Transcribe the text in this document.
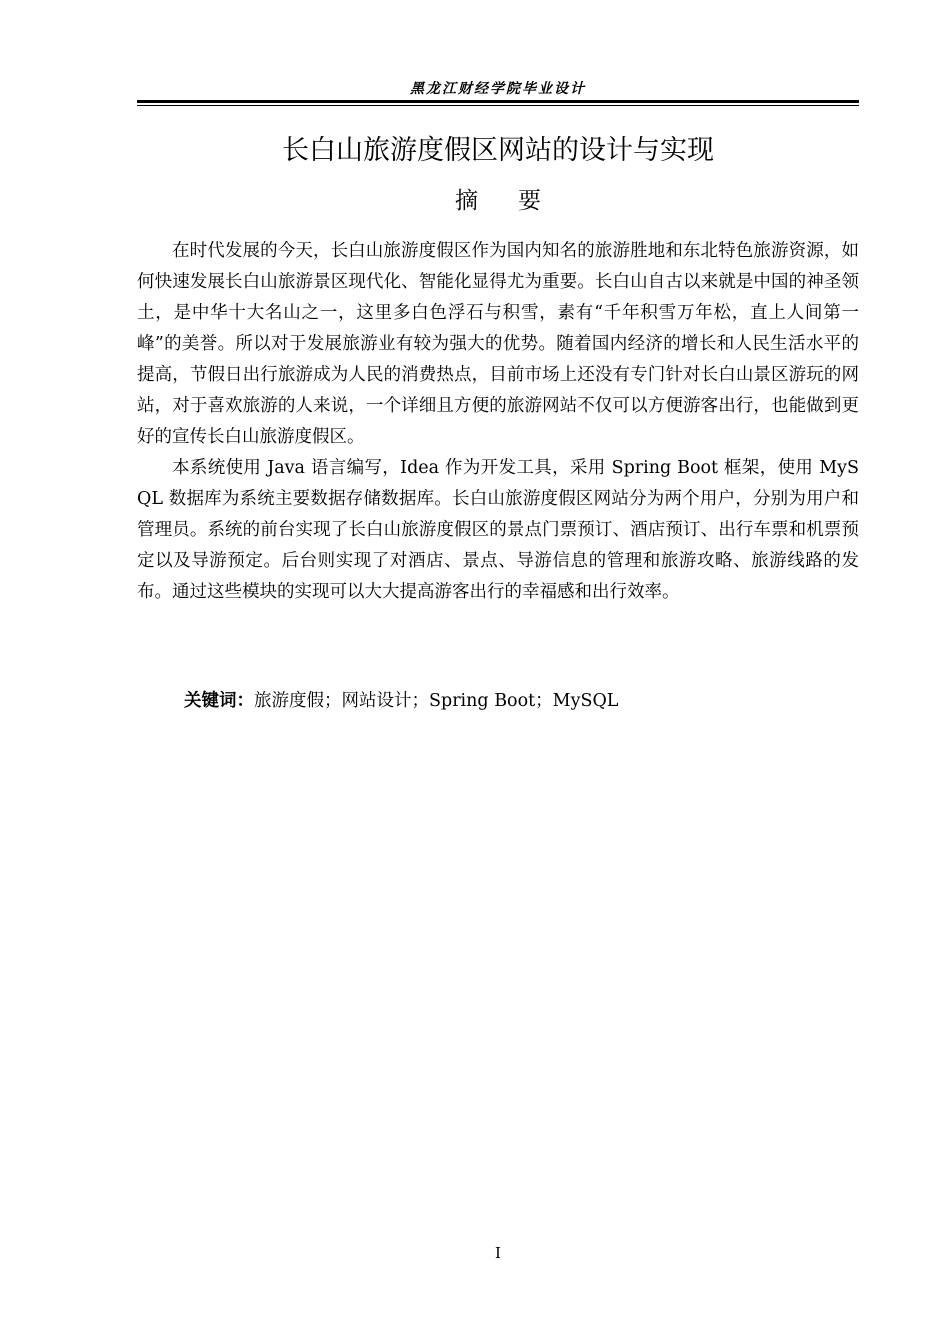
黑龙江财经学院毕业设计
长白山旅游度假区网站的设计与实现
摘要

在时代发展的今天，长白山旅游度假区作为国内知名的旅游胜地和东北特色旅游资源，如何快速发展长白山旅游景区现代化、智能化显得尤为重要。长白山自古以来就是中国的神圣领土，是中华十大名山之一，这里多白色浮石与积雪，素有“千年积雪万年松，直上人间第一峰”的美誉。所以对于发展旅游业有较为强大的优势。随着国内经济的增长和人民生活水平的提高，节假日出行旅游成为人民的消费热点，目前市场上还没有专门针对长白山景区游玩的网站，对于喜欢旅游的人来说，一个详细且方便的旅游网站不仅可以方便游客出行，也能做到更好的宣传长白山旅游度假区。

本系统使用 Java 语言编写，Idea 作为开发工具，采用 Spring Boot 框架，使用 MySQL 数据库为系统主要数据存储数据库。长白山旅游度假区网站分为两个用户，分别为用户和管理员。系统的前台实现了长白山旅游度假区的景点门票预订、酒店预订、出行车票和机票预定以及导游预定。后台则实现了对酒店、景点、导游信息的管理和旅游攻略、旅游线路的发布。通过这些模块的实现可以大大提高游客出行的幸福感和出行效率。

关键词：旅游度假；网站设计；Spring Boot；MySQL
I
